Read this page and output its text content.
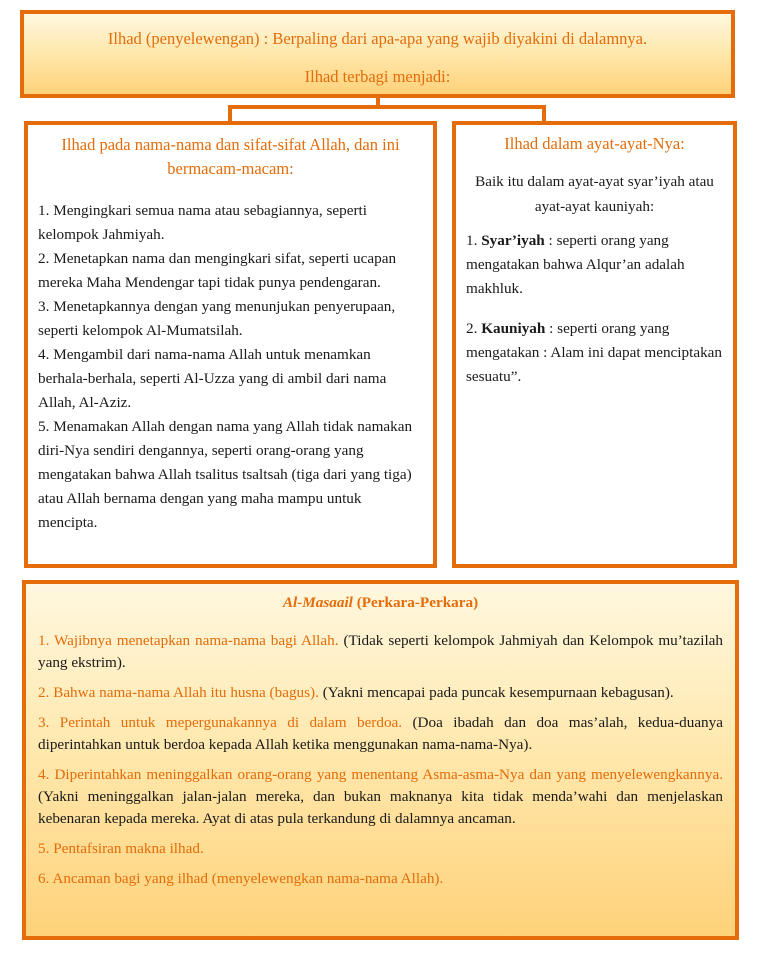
Ilhad (penyelewengan) : Berpaling dari apa-apa yang wajib diyakini di dalamnya.
Ilhad terbagi menjadi:
Ilhad pada nama-nama dan sifat-sifat Allah, dan ini bermacam-macam:
1. Mengingkari semua nama atau sebagiannya, seperti kelompok Jahmiyah.
2. Menetapkan nama dan mengingkari sifat, seperti ucapan mereka Maha Mendengar tapi tidak punya pendengaran.
3. Menetapkannya dengan yang menunjukan penyerupaan, seperti kelompok Al-Mumatsilah.
4. Mengambil dari nama-nama Allah untuk menamkan berhala-berhala, seperti Al-Uzza yang di ambil dari nama Allah, Al-Aziz.
5. Menamakan Allah dengan nama yang Allah tidak namakan diri-Nya sendiri dengannya, seperti orang-orang yang mengatakan bahwa Allah tsalitus tsaltsah (tiga dari yang tiga) atau Allah bernama dengan yang maha mampu untuk mencipta.
Ilhad dalam ayat-ayat-Nya:
Baik itu dalam ayat-ayat syar’iyah atau ayat-ayat kauniyah:
1. Syar’iyah : seperti orang yang mengatakan bahwa Alqur’an adalah makhluk.
2. Kauniyah : seperti orang yang mengatakan : Alam ini dapat menciptakan sesuatu”.
Al-Masaail (Perkara-Perkara)
1. Wajibnya menetapkan nama-nama bagi Allah. (Tidak seperti kelompok Jahmiyah dan Kelompok mu’tazilah yang ekstrim).
2. Bahwa nama-nama Allah itu husna (bagus). (Yakni mencapai pada puncak kesempurnaan kebagusan).
3. Perintah untuk mepergunakannya di dalam berdoa. (Doa ibadah dan doa mas’alah, kedua-duanya diperintahkan untuk berdoa kepada Allah ketika menggunakan nama-nama-Nya).
4. Diperintahkan meninggalkan orang-orang yang menentang Asma-asma-Nya dan yang menyelewengkannya. (Yakni meninggalkan jalan-jalan mereka, dan bukan maknanya kita tidak menda’wahi dan menjelaskan kebenaran kepada mereka. Ayat di atas pula terkandung di dalamnya ancaman.
5. Pentafsiran makna ilhad.
6. Ancaman bagi yang ilhad (menyelewengkan nama-nama Allah).
